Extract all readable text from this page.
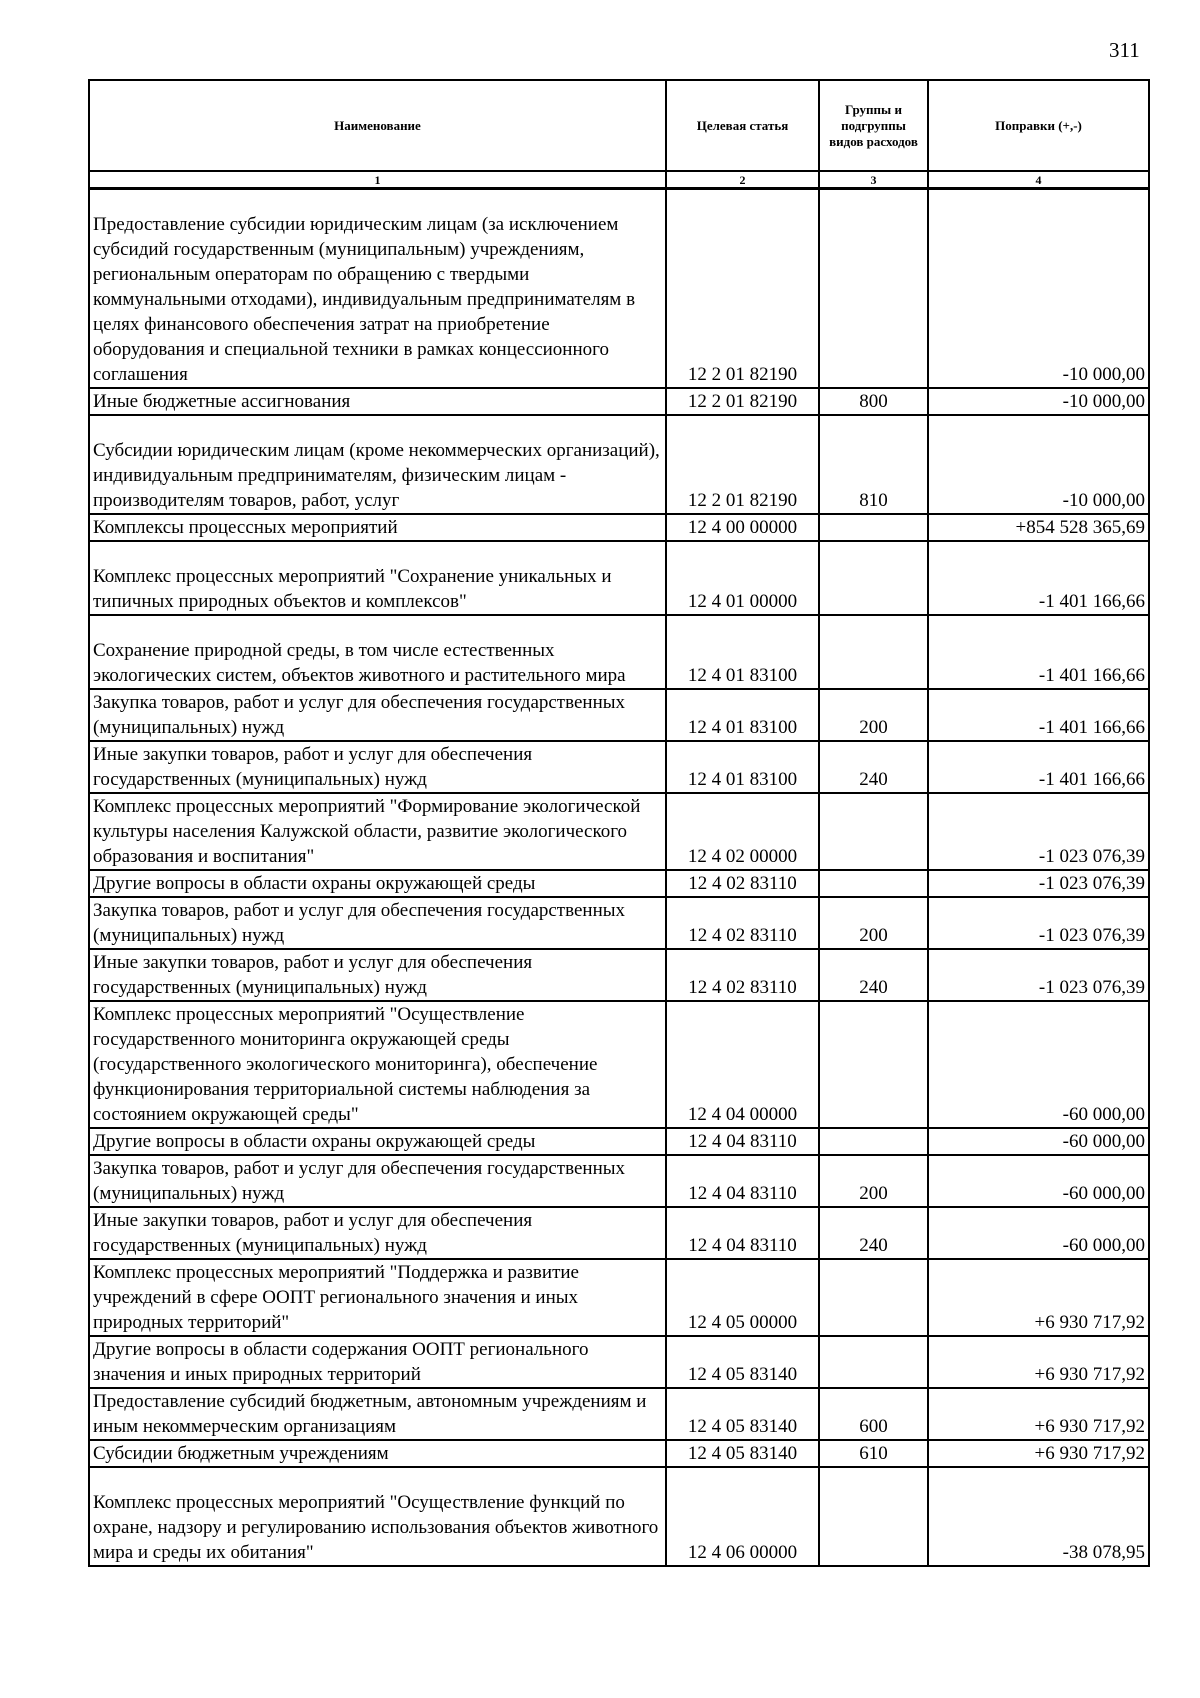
311
Наименование	Целевая статья	Группы и подгруппы видов расходов	Поправки (+,-)
1	2	3	4
Предоставление субсидии юридическим лицам (за исключением субсидий государственным (муниципальным) учреждениям, региональным операторам по обращению с твердыми коммунальными отходами), индивидуальным предпринимателям в целях финансового обеспечения затрат на приобретение оборудования и специальной техники в рамках концессионного соглашения	12 2 01 82190		-10 000,00
Иные бюджетные ассигнования	12 2 01 82190	800	-10 000,00
Субсидии юридическим лицам (кроме некоммерческих организаций), индивидуальным предпринимателям, физическим лицам - производителям товаров, работ, услуг	12 2 01 82190	810	-10 000,00
Комплексы процессных мероприятий	12 4 00 00000		+854 528 365,69
Комплекс процессных мероприятий "Сохранение уникальных и типичных природных объектов и комплексов"	12 4 01 00000		-1 401 166,66
Сохранение природной среды, в том числе естественных экологических систем, объектов животного и растительного мира	12 4 01 83100		-1 401 166,66
Закупка товаров, работ и услуг для обеспечения государственных (муниципальных) нужд	12 4 01 83100	200	-1 401 166,66
Иные закупки товаров, работ и услуг для обеспечения государственных (муниципальных) нужд	12 4 01 83100	240	-1 401 166,66
Комплекс процессных мероприятий "Формирование экологической культуры населения Калужской области, развитие экологического образования и воспитания"	12 4 02 00000		-1 023 076,39
Другие вопросы в области охраны окружающей среды	12 4 02 83110		-1 023 076,39
Закупка товаров, работ и услуг для обеспечения государственных (муниципальных) нужд	12 4 02 83110	200	-1 023 076,39
Иные закупки товаров, работ и услуг для обеспечения государственных (муниципальных) нужд	12 4 02 83110	240	-1 023 076,39
Комплекс процессных мероприятий "Осуществление государственного мониторинга окружающей среды (государственного экологического мониторинга), обеспечение функционирования территориальной системы наблюдения за состоянием окружающей среды"	12 4 04 00000		-60 000,00
Другие вопросы в области охраны окружающей среды	12 4 04 83110		-60 000,00
Закупка товаров, работ и услуг для обеспечения государственных (муниципальных) нужд	12 4 04 83110	200	-60 000,00
Иные закупки товаров, работ и услуг для обеспечения государственных (муниципальных) нужд	12 4 04 83110	240	-60 000,00
Комплекс процессных мероприятий "Поддержка и развитие учреждений в сфере ООПТ регионального значения и иных природных территорий"	12 4 05 00000		+6 930 717,92
Другие вопросы в области содержания ООПТ регионального значения и иных природных территорий	12 4 05 83140		+6 930 717,92
Предоставление субсидий бюджетным, автономным учреждениям и иным некоммерческим организациям	12 4 05 83140	600	+6 930 717,92
Субсидии бюджетным учреждениям	12 4 05 83140	610	+6 930 717,92
Комплекс процессных мероприятий "Осуществление функций по охране, надзору и регулированию использования объектов животного мира и среды их обитания"	12 4 06 00000		-38 078,95
